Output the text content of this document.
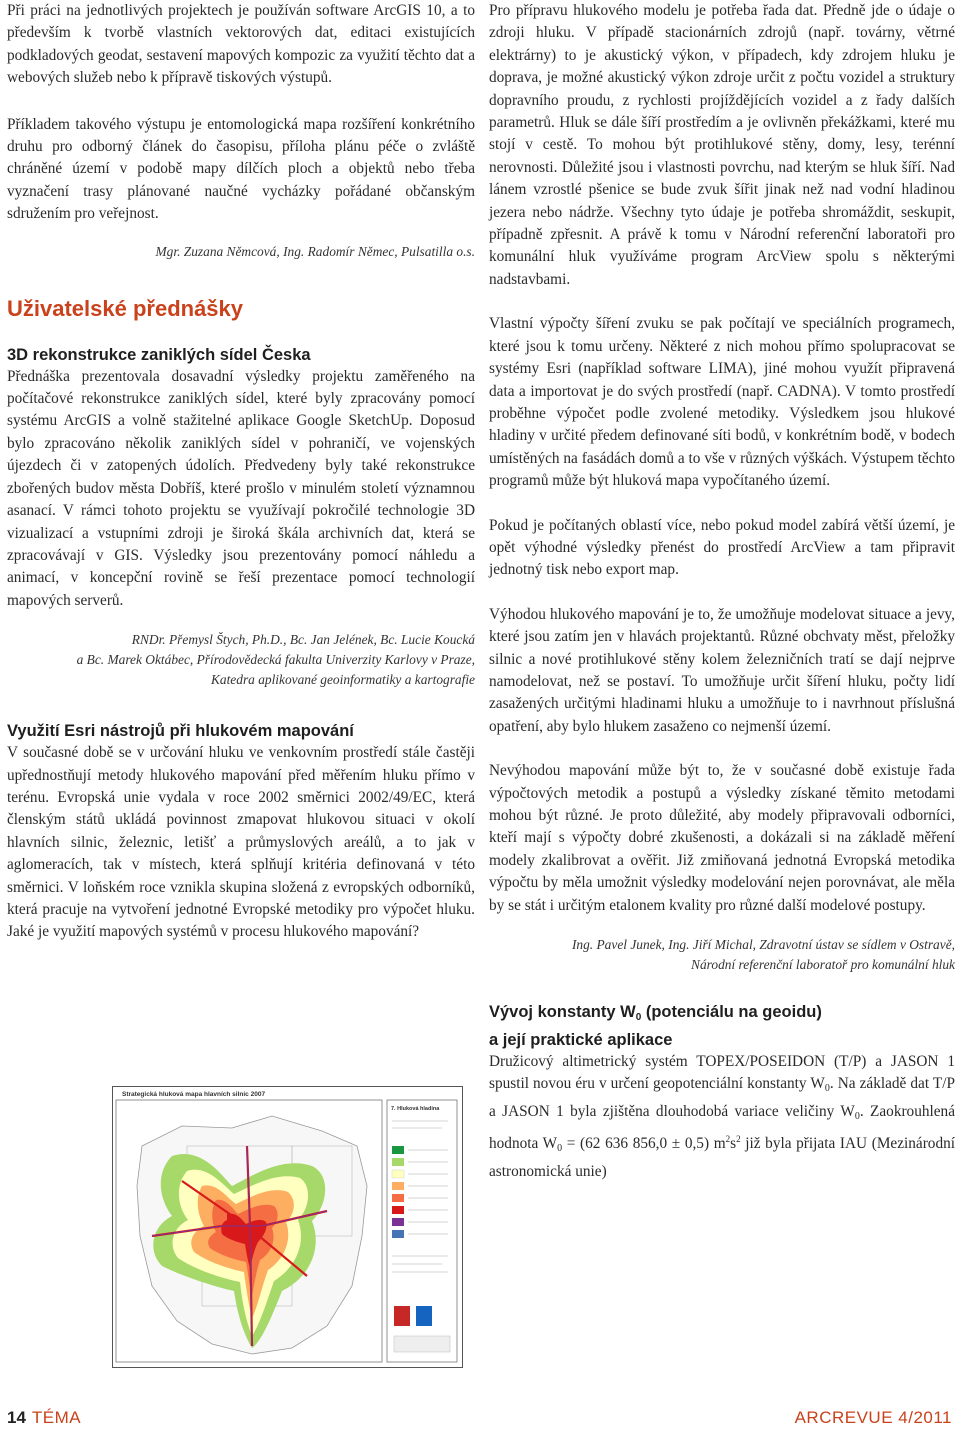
Při práci na jednotlivých projektech je používán software ArcGIS 10, a to především k tvorbě vlastních vektorových dat, editaci existujících podkladových geodat, sestavení mapových kompozic za využití těchto dat a webových služeb nebo k přípravě tiskových výstupů.

Příkladem takového výstupu je entomologická mapa rozšíření konkrétního druhu pro odborný článek do časopisu, příloha plánu péče o zvláště chráněné území v podobě mapy dílčích ploch a objektů nebo třeba vyznačení trasy plánované naučné vycházky pořádané občanským sdružením pro veřejnost.

Mgr. Zuzana Němcová, Ing. Radomír Němec, Pulsatilla o.s.

Uživatelské přednášky
3D rekonstrukce zaniklých sídel Česka

Přednáška prezentovala dosavadní výsledky projektu zaměřeného na počítačové rekonstrukce zaniklých sídel, které byly zpracovány pomocí systému ArcGIS a volně stažitelné aplikace Google SketchUp. Doposud bylo zpracováno několik zaniklých sídel v pohraničí, ve vojenských újezdech či v zatopených údolích. Předvedeny byly také rekonstrukce zbořených budov města Dobříš, které prošlo v minulém století významnou asanací. V rámci tohoto projektu se využívají pokročilé technologie 3D vizualizací a vstupními zdroji je široká škála archivních dat, která se zpracovávají v GIS. Výsledky jsou prezentovány pomocí náhledu a animací, v koncepční rovině se řeší prezentace pomocí technologií mapových serverů.

RNDr. Přemysl Štych, Ph.D., Bc. Jan Jelének, Bc. Lucie Koucká

a Bc. Marek Oktábec, Přírodovědecká fakulta Univerzity Karlovy v Praze,

Katedra aplikované geoinformatiky a kartografie

Využití Esri nástrojů při hlukovém mapování

V současné době se v určování hluku ve venkovním prostředí stále častěji upřednostňují metody hlukového mapování před měřením hluku přímo v terénu. Evropská unie vydala v roce 2002 směrnici 2002/49/EC, která členským států ukládá povinnost zmapovat hlukovou situaci v okolí hlavních silnic, železnic, letišť a průmyslových areálů, a to jak v aglomeracích, tak v místech, která splňují kritéria definovaná v této směrnici. V loňském roce vznikla skupina složená z evropských odborníků, která pracuje na vytvoření jednotné Evropské metodiky pro výpočet hluku. Jaké je využití mapových systémů v procesu hlukového mapování?

Strategická hluková mapa hlavních silnic 2007
7. Hluková hladina

Pro přípravu hlukového modelu je potřeba řada dat. Předně jde o údaje o zdroji hluku. V případě stacionárních zdrojů (např. továrny, větrné elektrárny) to je akustický výkon, v případech, kdy zdrojem hluku je doprava, je možné akustický výkon zdroje určit z počtu vozidel a struktury dopravního proudu, z rychlosti projíždějících vozidel a z řady dalších parametrů. Hluk se dále šíří prostředím a je ovlivněn překážkami, které mu stojí v cestě. To mohou být protihlukové stěny, domy, lesy, terénní nerovnosti. Důležité jsou i vlastnosti povrchu, nad kterým se hluk šíří. Nad lánem vzrostlé pšenice se bude zvuk šířit jinak než nad vodní hladinou jezera nebo nádrže. Všechny tyto údaje je potřeba shromáždit, seskupit, případně zpřesnit. A právě k tomu v Národní referenční laboratoři pro komunální hluk využíváme program ArcView spolu s některými nadstavbami.

Vlastní výpočty šíření zvuku se pak počítají ve speciálních programech, které jsou k tomu určeny. Některé z nich mohou přímo spolupracovat se systémy Esri (například software LIMA), jiné mohou využít připravená data a importovat je do svých prostředí (např. CADNA). V tomto prostředí proběhne výpočet podle zvolené metodiky. Výsledkem jsou hlukové hladiny v určité předem definované síti bodů, v konkrétním bodě, v bodech umístěných na fasádách domů a to vše v různých výškách. Výstupem těchto programů může být hluková mapa vypočítaného území.

Pokud je počítaných oblastí více, nebo pokud model zabírá větší území, je opět výhodné výsledky přenést do prostředí ArcView a tam připravit jednotný tisk nebo export map.

Výhodou hlukového mapování je to, že umožňuje modelovat situace a jevy, které jsou zatím jen v hlavách projektantů. Různé obchvaty měst, přeložky silnic a nové protihlukové stěny kolem železničních tratí se dají nejprve namodelovat, než se postaví. To umožňuje určit šíření hluku, počty lidí zasažených určitými hladinami hluku a umožňuje to i navrhnout příslušná opatření, aby bylo hlukem zasaženo co nejmenší území.

Nevýhodou mapování může být to, že v současné době existuje řada výpočtových metodik a postupů a výsledky získané těmito metodami mohou být různé. Je proto důležité, aby modely připravovali odborníci, kteří mají s výpočty dobré zkušenosti, a dokázali si na základě měření modely zkalibrovat a ověřit. Již zmiňovaná jednotná Evropská metodika výpočtu by měla umožnit výsledky modelování nejen porovnávat, ale měla by se stát i určitým etalonem kvality pro různé další modelové postupy.

Ing. Pavel Junek, Ing. Jiří Michal, Zdravotní ústav se sídlem v Ostravě,

Národní referenční laboratoř pro komunální hluk

Vývoj konstanty $W_0$ (potenciálu na geoidu)
a její praktické aplikace

Družicový altimetrický systém TOPEX/POSEIDON (T/P) a JASON 1 spustil novou éru v určení geopotenciální konstanty $W_0$. Na základě dat T/P a JASON 1 byla zjištěna dlouhodobá variace veličiny $W_0$. Zaokrouhlená hodnota $W_0 = (62$ 636 856,0 ± 0,5) $m^2s^2$ již byla přijata IAU (Mezinárodní astronomická unie)

14 TÉMA	ARCREVUE 4/2011
